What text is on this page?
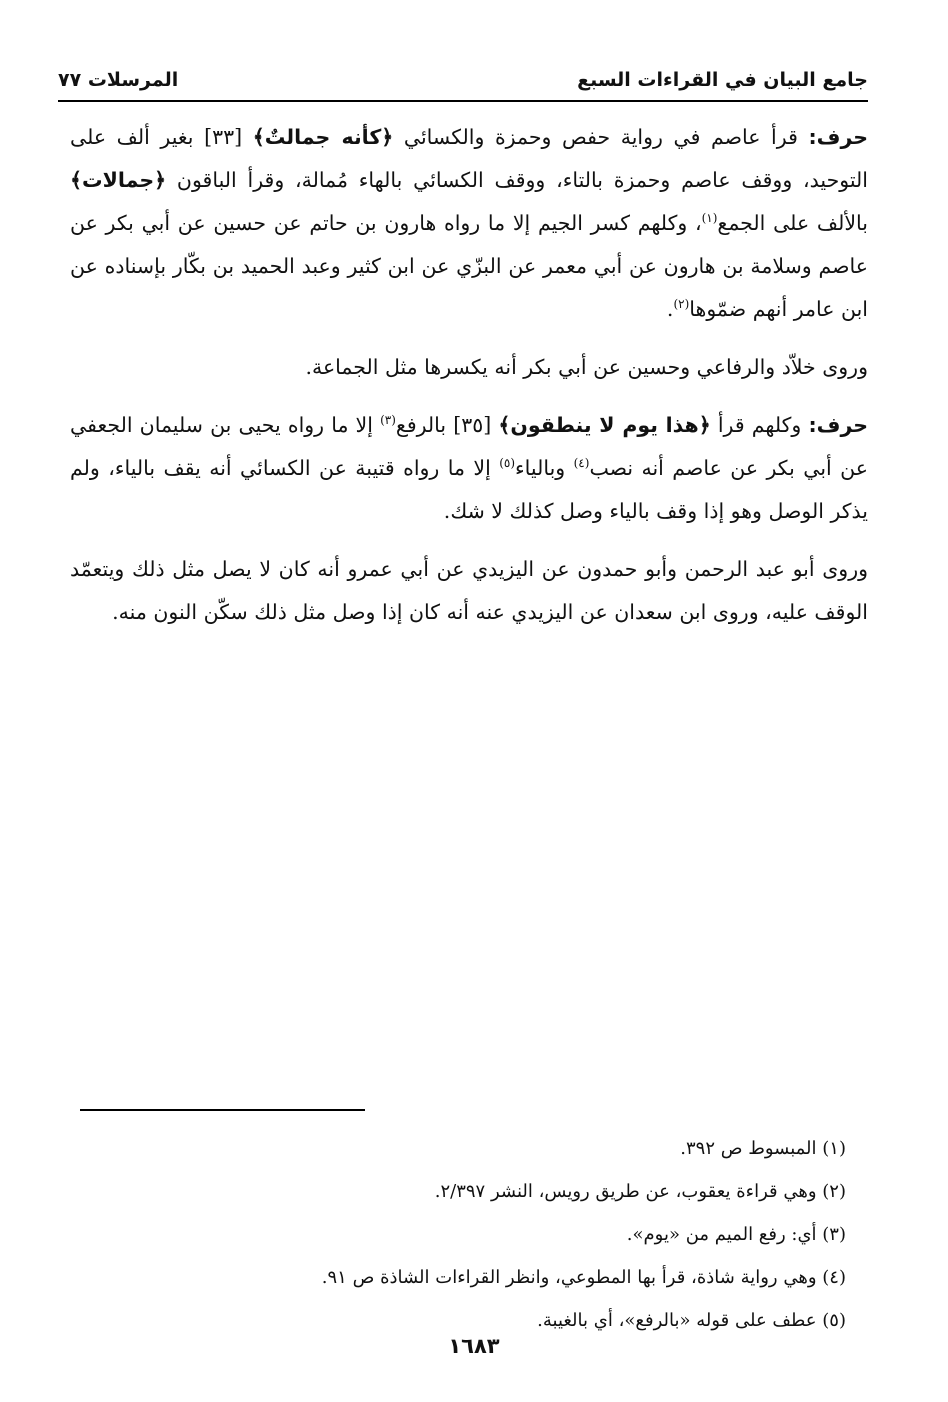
جامع البيان في القراءات السبع
المرسلات ٧٧

حرف: قرأ عاصم في رواية حفص وحمزة والكسائي ﴿كأنه جمالتٌ﴾ [٣٣] بغير ألف على التوحيد، ووقف عاصم وحمزة بالتاء، ووقف الكسائي بالهاء مُمالة، وقرأ الباقون ﴿جمالات﴾ بالألف على الجمع$^{(١)}$، وكلهم كسر الجيم إلا ما رواه هارون بن حاتم عن حسين عن أبي بكر عن عاصم وسلامة بن هارون عن أبي معمر عن البزّي عن ابن كثير وعبد الحميد بن بكّار بإسناده عن ابن عامر أنهم ضمّوها$^{(٢)}$.

وروى خلاّد والرفاعي وحسين عن أبي بكر أنه يكسرها مثل الجماعة.

حرف: وكلهم قرأ ﴿هذا يوم لا ينطقون﴾ [٣٥] بالرفع$^{(٣)}$ إلا ما رواه يحيى بن سليمان الجعفي عن أبي بكر عن عاصم أنه نصب$^{(٤)}$ وبالياء$^{(٥)}$ إلا ما رواه قتيبة عن الكسائي أنه يقف بالياء، ولم يذكر الوصل وهو إذا وقف بالياء وصل كذلك لا شك.

وروى أبو عبد الرحمن وأبو حمدون عن اليزيدي عن أبي عمرو أنه كان لا يصل مثل ذلك ويتعمّد الوقف عليه، وروى ابن سعدان عن اليزيدي عنه أنه كان إذا وصل مثل ذلك سكّن النون منه.

(١) المبسوط ص ٣٩٢.

(٢) وهي قراءة يعقوب، عن طريق رويس، النشر ٢/٣٩٧.

(٣) أي: رفع الميم من «يوم».

(٤) وهي رواية شاذة، قرأ بها المطوعي، وانظر القراءات الشاذة ص ٩١.

(٥) عطف على قوله «بالرفع»، أي بالغيبة.

١٦٨٣
